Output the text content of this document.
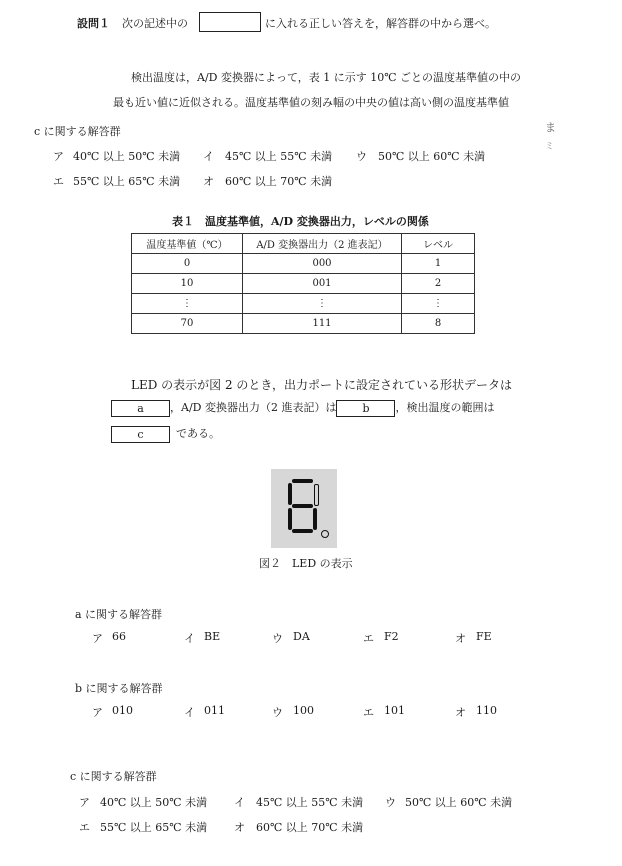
設問１ 次の記述中の	に入れる正しい答えを，解答群の中から選べ。
検出温度は，A/D 変換器によって，表 1 に示す 10℃ ごとの温度基準値の中の
最も近い値に近似される。温度基準値の刻み幅の中央の値は高い側の温度基準値
ま
ミ
c に関する解答群
ア 40℃ 以上 50℃ 未満 イ 45℃ 以上 55℃ 未満 ウ 50℃ 以上 60℃ 未満
エ 55℃ 以上 65℃ 未満 オ 60℃ 以上 70℃ 未満
表１　温度基準値，A/D 変換器出力，レベルの関係
温度基準値（℃）	A/D 変換器出力（2 進表記）	レベル
0	000	1
10	001	2
⋮	⋮	⋮
70	111	8
LED の表示が図 2 のとき，出力ポートに設定されている形状データは
a ，A/D 変換器出力（2 進表記）は b ，検出温度の範囲は
c	である。
図２　LED の表示
a に関する解答群
ア 66	イ BE	ウ DA	エ F2	オ FE
b に関する解答群
ア 010	イ 011	ウ 100	エ 101	オ 110
c に関する解答群
ア 40℃ 以上 50℃ 未満 イ 45℃ 以上 55℃ 未満 ウ 50℃ 以上 60℃ 未満
エ 55℃ 以上 65℃ 未満 オ 60℃ 以上 70℃ 未満
